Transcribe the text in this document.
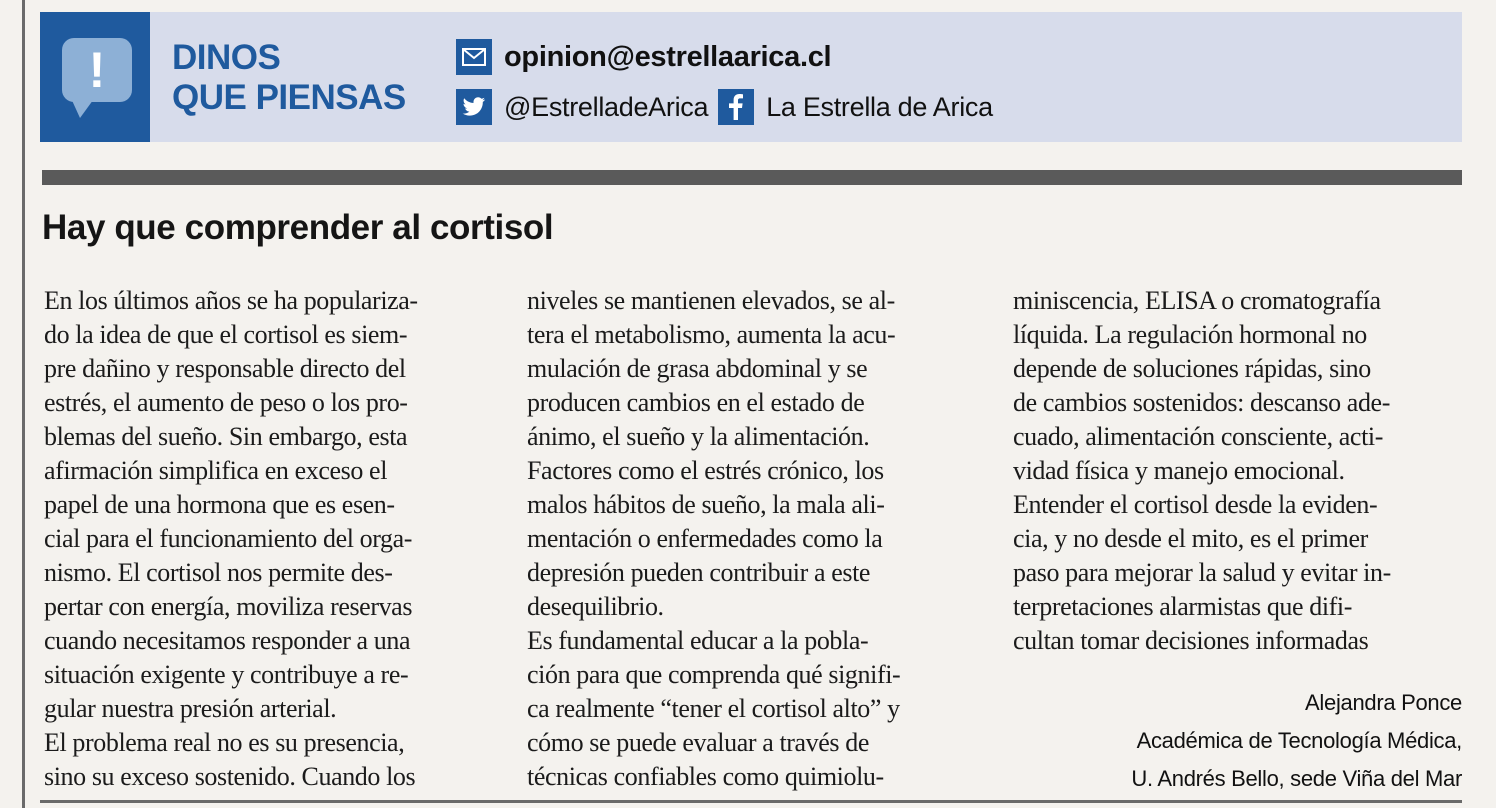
!	DINOS
QUE PIENSAS
opinion@estrellaarica.cl
@EstrelladeArica La Estrella de Arica
Hay que comprender al cortisol
En los últimos años se ha populariza-
do la idea de que el cortisol es siem-
pre dañino y responsable directo del
estrés, el aumento de peso o los pro-
blemas del sueño. Sin embargo, esta
afirmación simplifica en exceso el
papel de una hormona que es esen-
cial para el funcionamiento del orga-
nismo. El cortisol nos permite des-
pertar con energía, moviliza reservas
cuando necesitamos responder a una
situación exigente y contribuye a re-
gular nuestra presión arterial.
El problema real no es su presencia,
sino su exceso sostenido. Cuando los
niveles se mantienen elevados, se al-
tera el metabolismo, aumenta la acu-
mulación de grasa abdominal y se
producen cambios en el estado de
ánimo, el sueño y la alimentación.
Factores como el estrés crónico, los
malos hábitos de sueño, la mala ali-
mentación o enfermedades como la
depresión pueden contribuir a este
desequilibrio.
Es fundamental educar a la pobla-
ción para que comprenda qué signifi-
ca realmente “tener el cortisol alto” y
cómo se puede evaluar a través de
técnicas confiables como quimiolu-
miniscencia, ELISA o cromatografía
líquida. La regulación hormonal no
depende de soluciones rápidas, sino
de cambios sostenidos: descanso ade-
cuado, alimentación consciente, acti-
vidad física y manejo emocional.
Entender el cortisol desde la eviden-
cia, y no desde el mito, es el primer
paso para mejorar la salud y evitar in-
terpretaciones alarmistas que difi-
cultan tomar decisiones informadas
Alejandra Ponce
Académica de Tecnología Médica,
U. Andrés Bello, sede Viña del Mar
